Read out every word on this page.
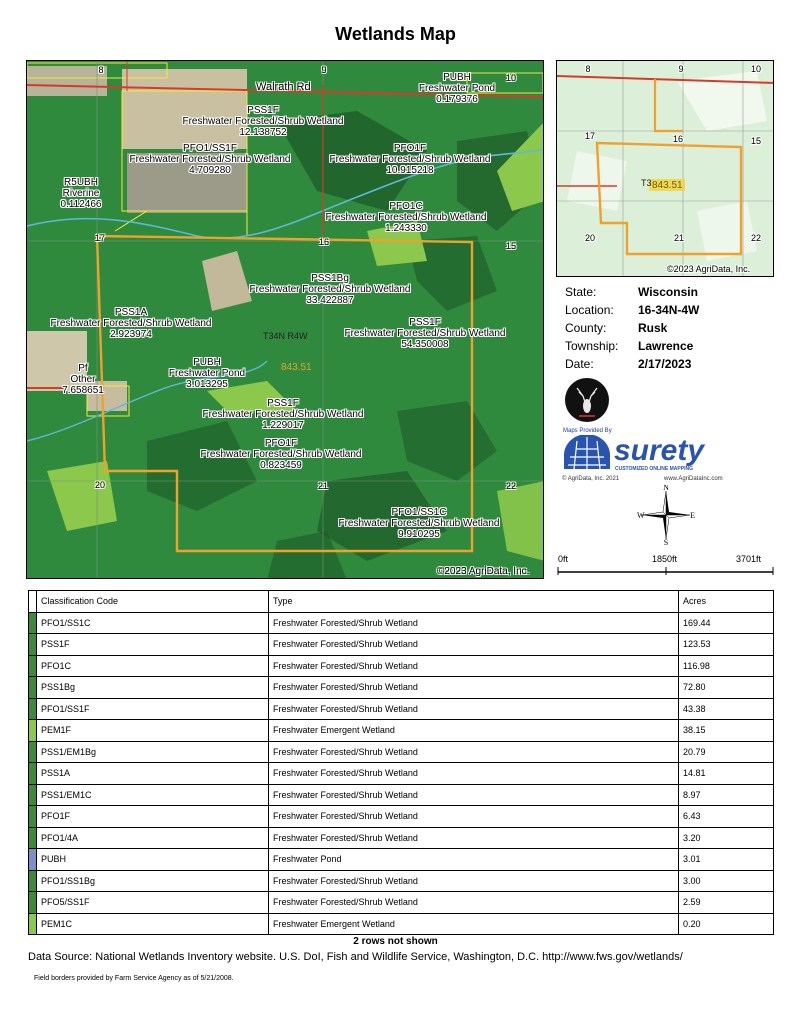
Wetlands Map
Walrath Rd
8	9
10
17	16	15
20	21	22
T34N R4W
843.51
PUBH
Freshwater Pond
0.179376
PSS1F
Freshwater Forested/Shrub Wetland
12.138752
PFO1/SS1F
Freshwater Forested/Shrub Wetland
4.709280
PFO1F
Freshwater Forested/Shrub Wetland
10.915218
R5UBH
Riverine
0.112466	PFO1C
Freshwater Forested/Shrub Wetland
1.243330
PSS1Bg
Freshwater Forested/Shrub Wetland
33.422887
PSS1A
Freshwater Forested/Shrub Wetland
2.923974
PSS1F
Freshwater Forested/Shrub Wetland
54.350008
PUBH
Freshwater Pond
3.013295
Pf
Other
7.658651
PSS1F
Freshwater Forested/Shrub Wetland
1.229017
PFO1F
Freshwater Forested/Shrub Wetland
0.823459
PFO1/SS1C
Freshwater Forested/Shrub Wetland
9.910295
©2023 AgriData, Inc.
8	9	10
17	16	15
20	21	22
T3 843.51
©2023 AgriData, Inc.
State:	Wisconsin
Location:	16-34N-4W
County:	Rusk
Township:	Lawrence
Date:	2/17/2023
Maps Provided By
surety
CUSTOMIZED ONLINE MAPPING
© AgriData, Inc. 2021	www.AgriDataInc.com
N
S
E
W
0ft	1850ft	3701ft
	Classification Code	Type	Acres
	PFO1/SS1C	Freshwater Forested/Shrub Wetland	169.44
	PSS1F	Freshwater Forested/Shrub Wetland	123.53
	PFO1C	Freshwater Forested/Shrub Wetland	116.98
	PSS1Bg	Freshwater Forested/Shrub Wetland	72.80
	PFO1/SS1F	Freshwater Forested/Shrub Wetland	43.38
	PEM1F	Freshwater Emergent Wetland	38.15
	PSS1/EM1Bg	Freshwater Forested/Shrub Wetland	20.79
	PSS1A	Freshwater Forested/Shrub Wetland	14.81
	PSS1/EM1C	Freshwater Forested/Shrub Wetland	8.97
	PFO1F	Freshwater Forested/Shrub Wetland	6.43
	PFO1/4A	Freshwater Forested/Shrub Wetland	3.20
	PUBH	Freshwater Pond	3.01
	PFO1/SS1Bg	Freshwater Forested/Shrub Wetland	3.00
	PFO5/SS1F	Freshwater Forested/Shrub Wetland	2.59
	PEM1C	Freshwater Emergent Wetland	0.20
2 rows not shown
Data Source: National Wetlands Inventory website. U.S. DoI, Fish and Wildlife Service, Washington, D.C. http://www.fws.gov/wetlands/
Field borders provided by Farm Service Agency as of 5/21/2008.
